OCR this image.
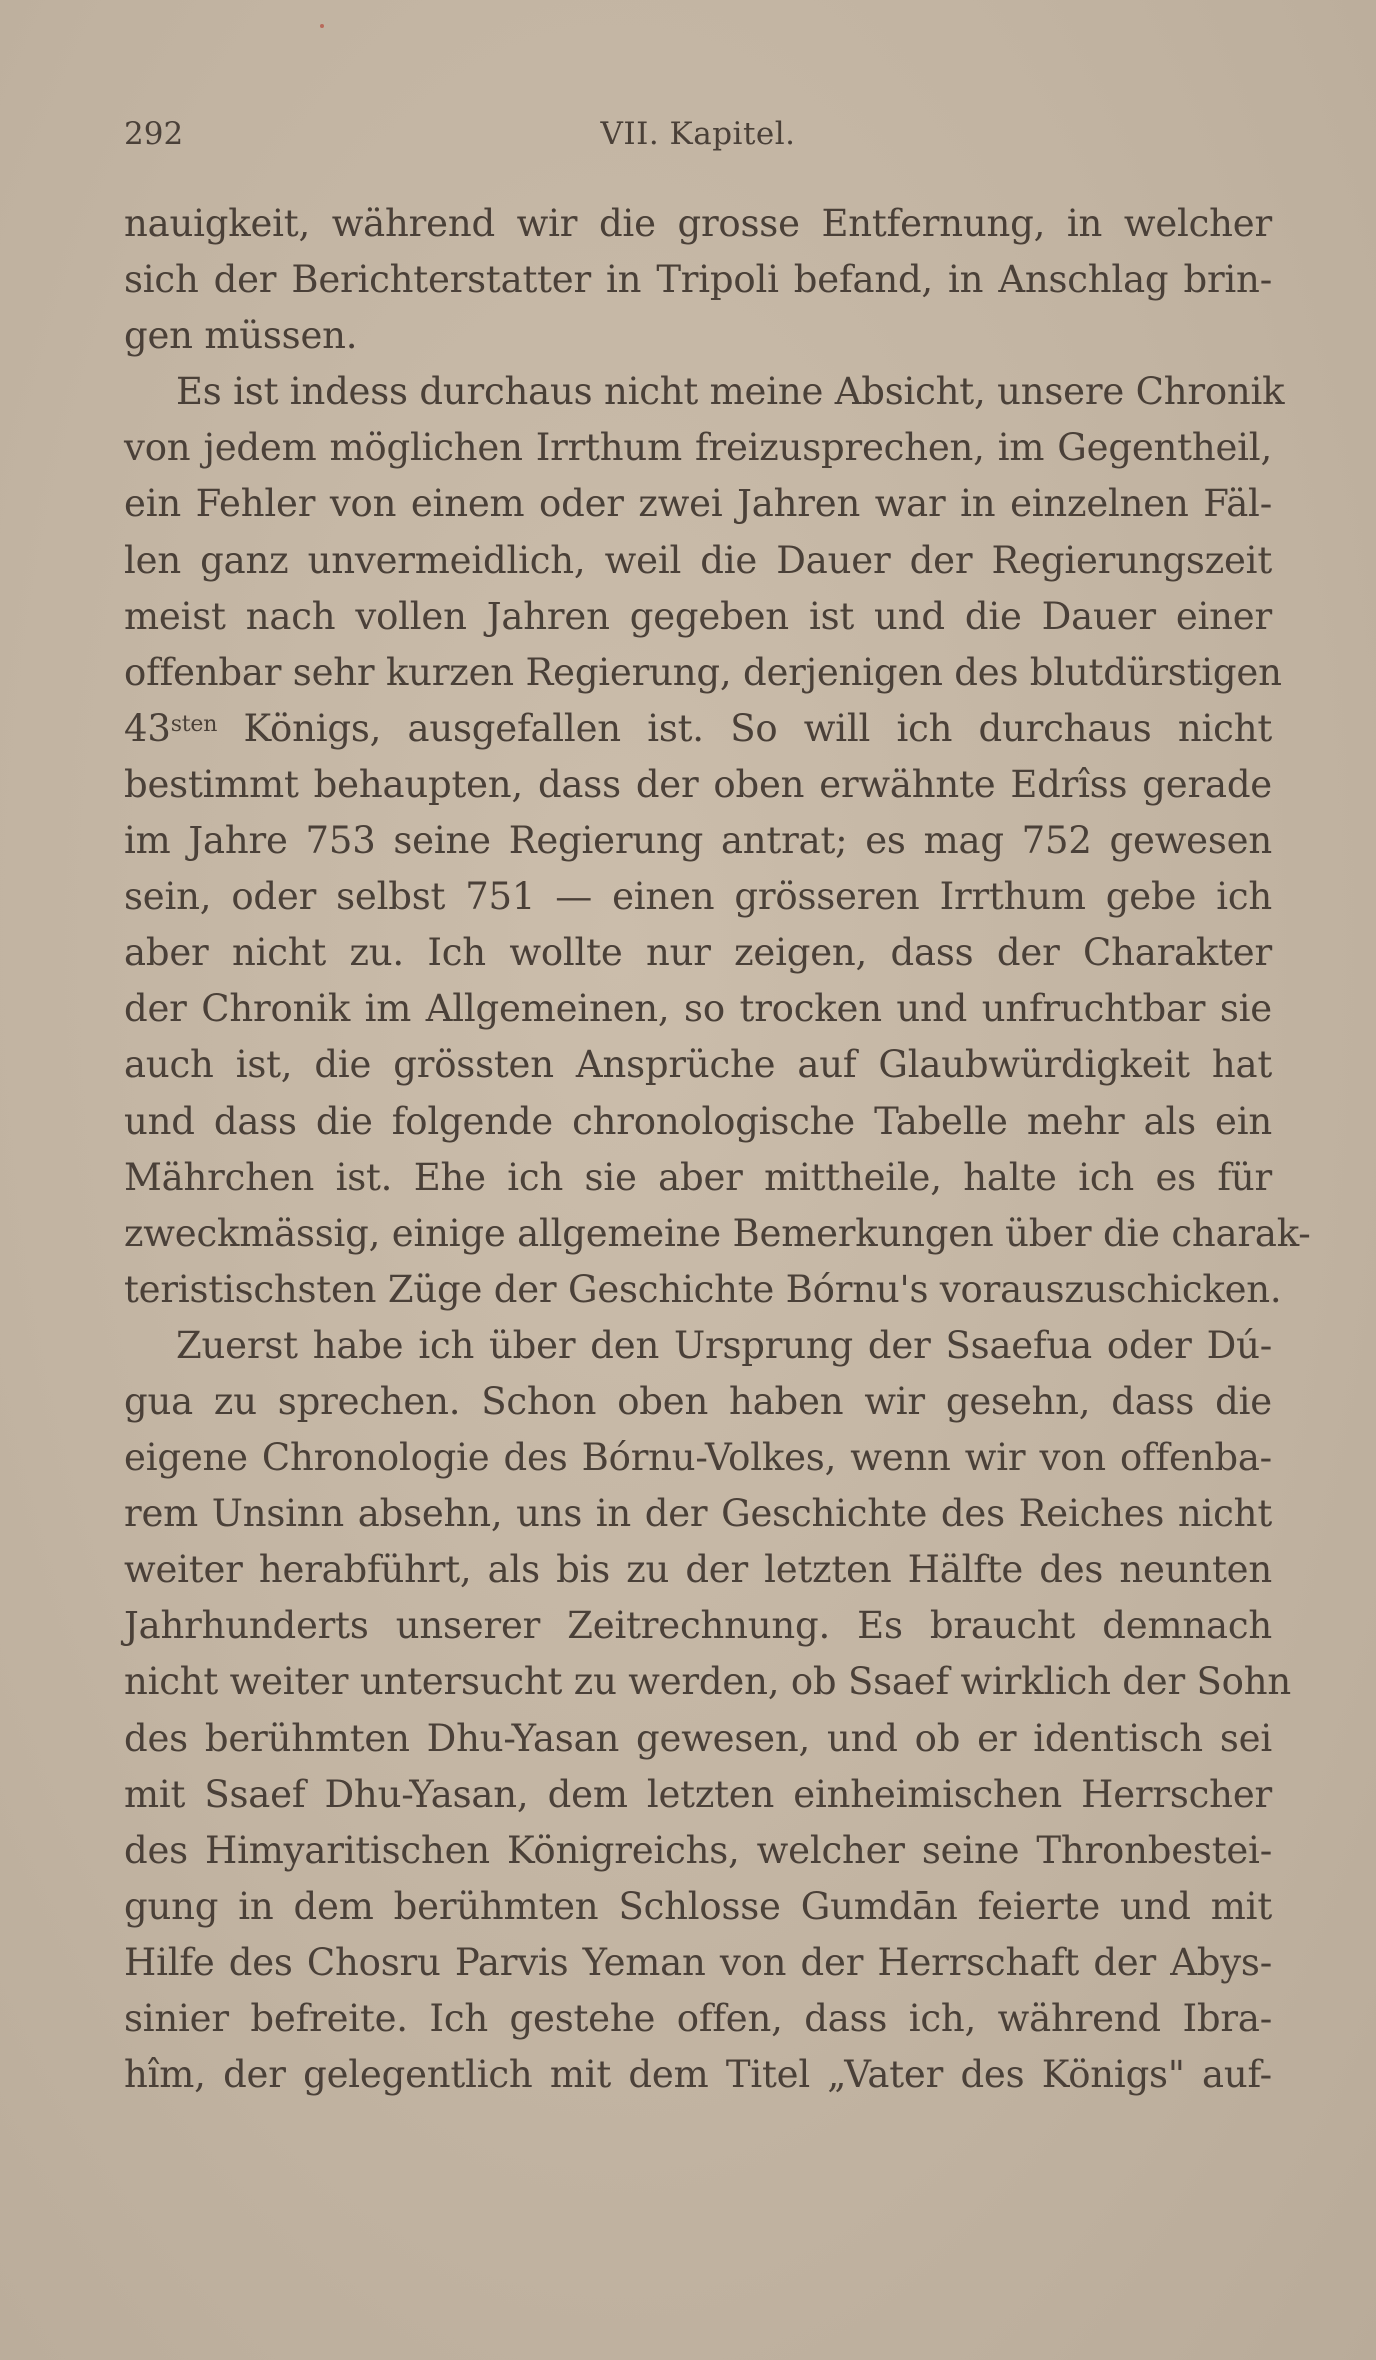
292	VII. Kapitel.
nauigkeit, während wir die grosse Entfernung, in welcher
sich der Berichterstatter in Tripoli befand, in Anschlag brin-
gen müssen.
Es ist indess durchaus nicht meine Absicht, unsere Chronik
von jedem möglichen Irrthum freizusprechen, im Gegentheil,
ein Fehler von einem oder zwei Jahren war in einzelnen Fäl-
len ganz unvermeidlich, weil die Dauer der Regierungszeit
meist nach vollen Jahren gegeben ist und die Dauer einer
offenbar sehr kurzen Regierung, derjenigen des blutdürstigen
$43^{sten}$ Königs, ausgefallen ist. So will ich durchaus nicht
bestimmt behaupten, dass der oben erwähnte Edrîss gerade
im Jahre 753 seine Regierung antrat; es mag 752 gewesen
sein, oder selbst 751 — einen grösseren Irrthum gebe ich
aber nicht zu. Ich wollte nur zeigen, dass der Charakter
der Chronik im Allgemeinen, so trocken und unfruchtbar sie
auch ist, die grössten Ansprüche auf Glaubwürdigkeit hat
und dass die folgende chronologische Tabelle mehr als ein
Mährchen ist. Ehe ich sie aber mittheile, halte ich es für
zweckmässig, einige allgemeine Bemerkungen über die charak-
teristischsten Züge der Geschichte Bórnu's vorauszuschicken.
Zuerst habe ich über den Ursprung der Ssaefua oder Dú-
gua zu sprechen. Schon oben haben wir gesehn, dass die
eigene Chronologie des Bórnu-Volkes, wenn wir von offenba-
rem Unsinn absehn, uns in der Geschichte des Reiches nicht
weiter herabführt, als bis zu der letzten Hälfte des neunten
Jahrhunderts unserer Zeitrechnung. Es braucht demnach
nicht weiter untersucht zu werden, ob Ssaef wirklich der Sohn
des berühmten Dhu-Yasan gewesen, und ob er identisch sei
mit Ssaef Dhu-Yasan, dem letzten einheimischen Herrscher
des Himyaritischen Königreichs, welcher seine Thronbestei-
gung in dem berühmten Schlosse Gumdān feierte und mit
Hilfe des Chosru Parvis Yeman von der Herrschaft der Abys-
sinier befreite. Ich gestehe offen, dass ich, während Ibra-
hîm, der gelegentlich mit dem Titel „Vater des Königs" auf-
